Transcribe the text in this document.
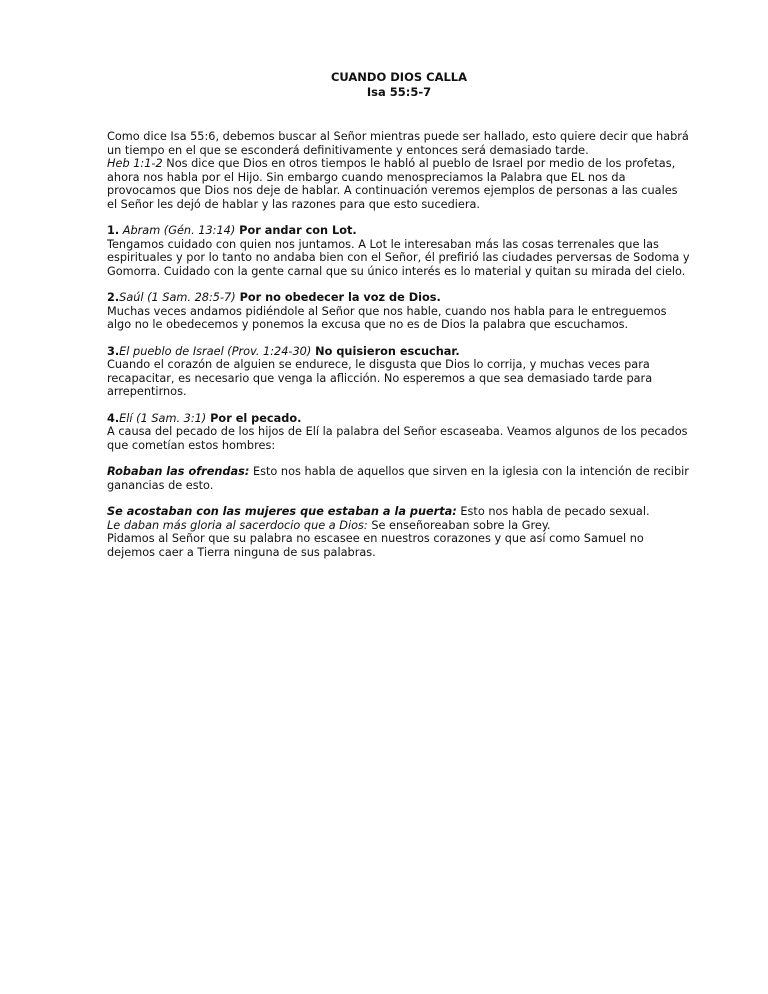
CUANDO DIOS CALLA
Isa 55:5-7

Como dice Isa 55:6, debemos buscar al Señor mientras puede ser hallado, esto quiere decir que habrá un tiempo en el que se esconderá definitivamente y entonces será demasiado tarde.

Heb 1:1-2 Nos dice que Dios en otros tiempos le habló al pueblo de Israel por medio de los profetas, ahora nos habla por el Hijo. Sin embargo cuando menospreciamos la Palabra que EL nos da provocamos que Dios nos deje de hablar. A continuación veremos ejemplos de personas a las cuales el Señor les dejó de hablar y las razones para que esto sucediera.

1. Abram (Gén. 13:14) Por andar con Lot.

Tengamos cuidado con quien nos juntamos. A Lot le interesaban más las cosas terrenales que las espirituales y por lo tanto no andaba bien con el Señor, él prefirió las ciudades perversas de Sodoma y Gomorra. Cuidado con la gente carnal que su único interés es lo material y quitan su mirada del cielo.

2.Saúl (1 Sam. 28:5-7) Por no obedecer la voz de Dios.

Muchas veces andamos pidiéndole al Señor que nos hable, cuando nos habla para le entreguemos algo no le obedecemos y ponemos la excusa que no es de Dios la palabra que escuchamos.

3.El pueblo de Israel (Prov. 1:24-30) No quisieron escuchar.

Cuando el corazón de alguien se endurece, le disgusta que Dios lo corrija, y muchas veces para recapacitar, es necesario que venga la aflicción. No esperemos a que sea demasiado tarde para arrepentirnos.

4.Elí (1 Sam. 3:1) Por el pecado.

A causa del pecado de los hijos de Elí la palabra del Señor escaseaba. Veamos algunos de los pecados que cometían estos hombres:

Robaban las ofrendas: Esto nos habla de aquellos que sirven en la iglesia con la intención de recibir ganancias de esto.

Se acostaban con las mujeres que estaban a la puerta: Esto nos habla de pecado sexual.

Le daban más gloria al sacerdocio que a Dios: Se enseñoreaban sobre la Grey.

Pidamos al Señor que su palabra no escasee en nuestros corazones y que así como Samuel no dejemos caer a Tierra ninguna de sus palabras.
